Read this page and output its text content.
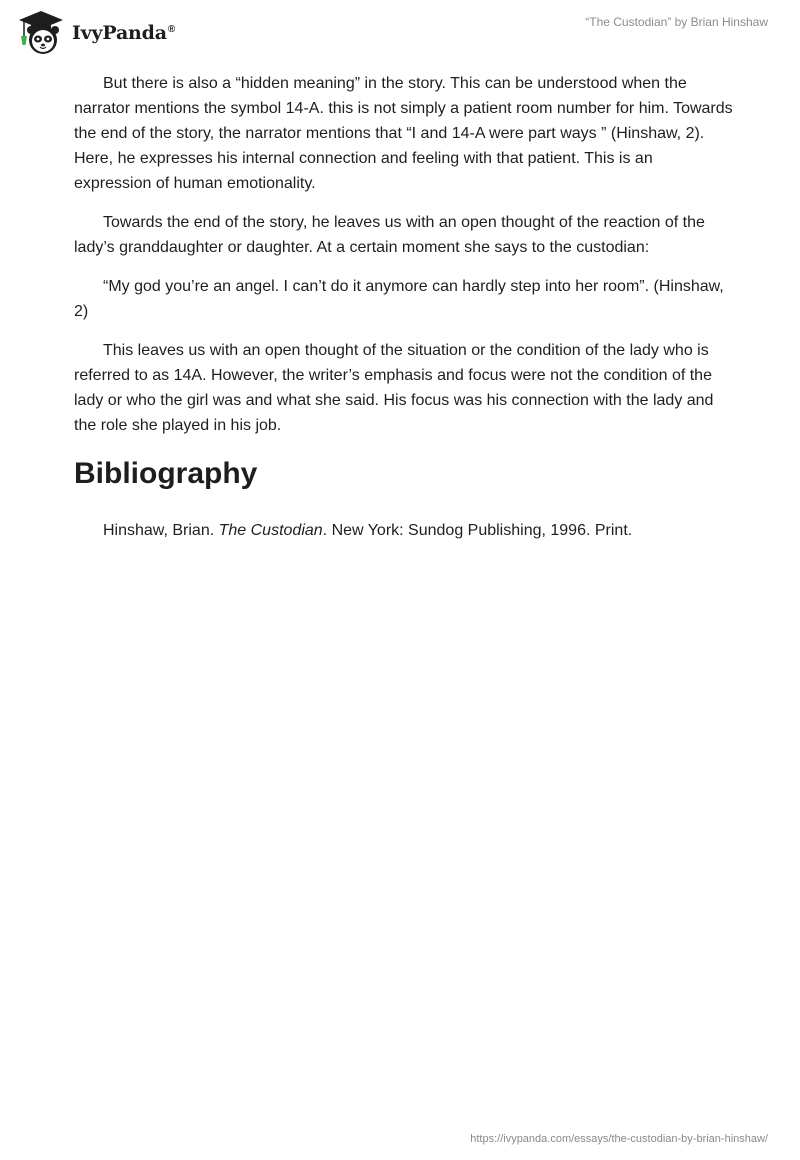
IvyPanda®
“The Custodian” by Brian Hinshaw

But there is also a “hidden meaning” in the story. This can be understood when the narrator mentions the symbol 14-A. this is not simply a patient room number for him. Towards the end of the story, the narrator mentions that “I and 14-A were part ways ” (Hinshaw, 2). Here, he expresses his internal connection and feeling with that patient. This is an expression of human emotionality.

Towards the end of the story, he leaves us with an open thought of the reaction of the lady’s granddaughter or daughter. At a certain moment she says to the custodian:

“My god you’re an angel. I can’t do it anymore can hardly step into her room”. (Hinshaw, 2)

This leaves us with an open thought of the situation or the condition of the lady who is referred to as 14A. However, the writer’s emphasis and focus were not the condition of the lady or who the girl was and what she said. His focus was his connection with the lady and the role she played in his job.

Bibliography

Hinshaw, Brian. The Custodian. New York: Sundog Publishing, 1996. Print.

https://ivypanda.com/essays/the-custodian-by-brian-hinshaw/
